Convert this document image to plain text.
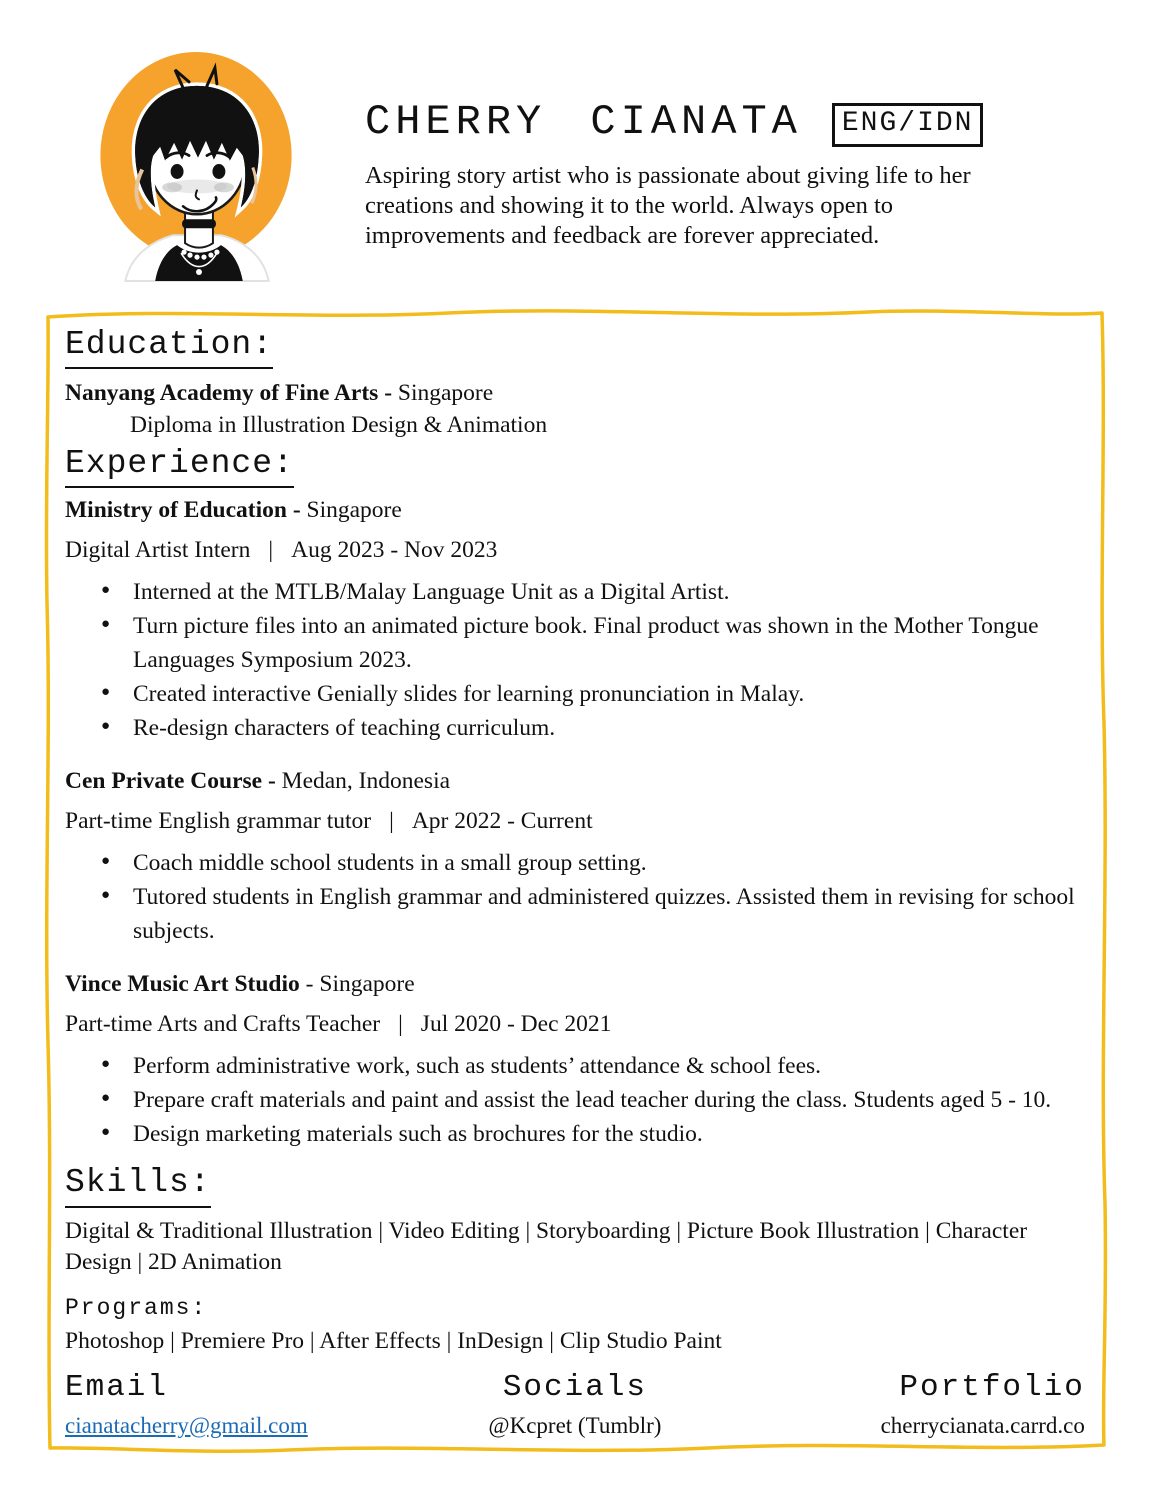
CHERRY CIANATA	ENG/IDN
Aspiring story artist who is passionate about giving life to her creations and showing it to the world. Always open to improvements and feedback are forever appreciated.
Education:
Nanyang Academy of Fine Arts - Singapore
Diploma in Illustration Design & Animation
Experience:
Ministry of Education - Singapore
Digital Artist Intern | Aug 2023 - Nov 2023
● Interned at the MTLB/Malay Language Unit as a Digital Artist.
● Turn picture files into an animated picture book. Final product was shown in the Mother Tongue Languages Symposium 2023.
● Created interactive Genially slides for learning pronunciation in Malay.
● Re-design characters of teaching curriculum.
Cen Private Course - Medan, Indonesia
Part-time English grammar tutor | Apr 2022 - Current
● Coach middle school students in a small group setting.
● Tutored students in English grammar and administered quizzes. Assisted them in revising for school subjects.
Vince Music Art Studio - Singapore
Part-time Arts and Crafts Teacher | Jul 2020 - Dec 2021
● Perform administrative work, such as students’ attendance & school fees.
● Prepare craft materials and paint and assist the lead teacher during the class. Students aged 5 - 10.
● Design marketing materials such as brochures for the studio.
Skills:
Digital & Traditional Illustration | Video Editing | Storyboarding | Picture Book Illustration | Character Design | 2D Animation
Programs:
Photoshop | Premiere Pro | After Effects | InDesign | Clip Studio Paint
Email
cianatacherry@gmail.com
Socials
@Kcpret (Tumblr)
Portfolio
cherrycianata.carrd.co
